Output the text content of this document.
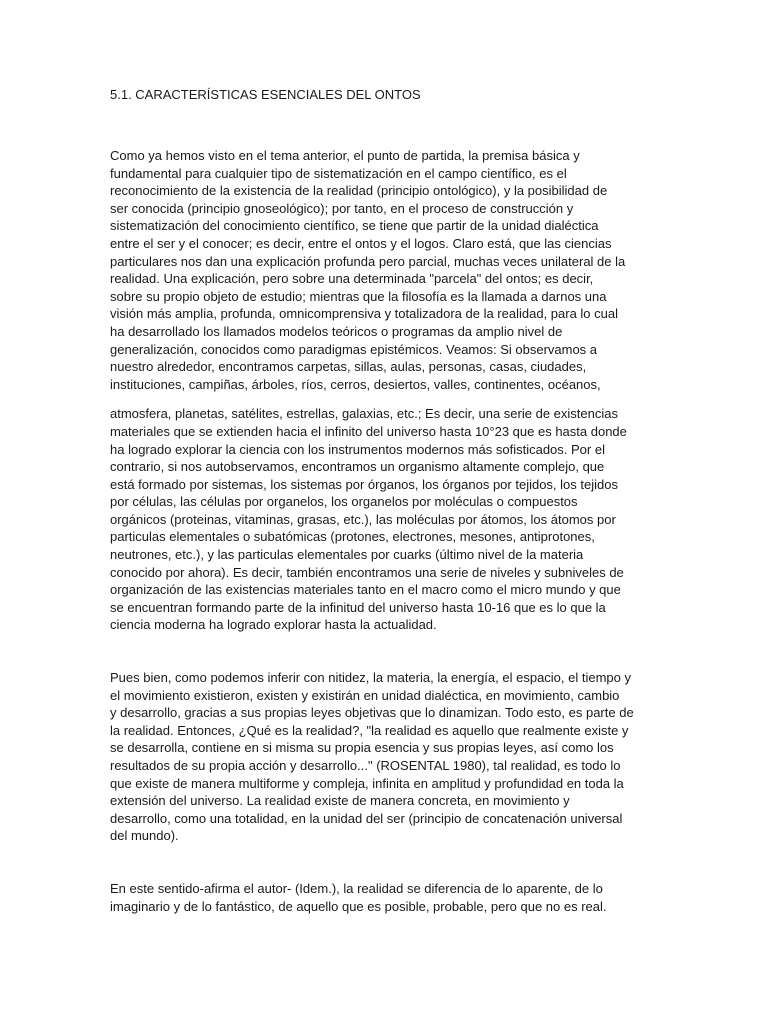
5.1. CARACTERÍSTICAS ESENCIALES DEL ONTOS

Como ya hemos visto en el tema anterior, el punto de partida, la premisa básica y
fundamental para cualquier tipo de sistematización en el campo científico, es el
reconocimiento de la existencia de la realidad (principio ontológico), y la posibilidad de
ser conocida (principio gnoseológico); por tanto, en el proceso de construcción y
sistematización del conocimiento científico, se tiene que partir de la unidad dialéctica
entre el ser y el conocer; es decir, entre el ontos y el logos. Claro está, que las ciencias
particulares nos dan una explicación profunda pero parcial, muchas veces unilateral de la
realidad. Una explicación, pero sobre una determinada "parcela" del ontos; es decir,
sobre su propio objeto de estudio; mientras que la filosofía es la llamada a darnos una
visión más amplia, profunda, omnicomprensiva y totalizadora de la realidad, para lo cual
ha desarrollado los llamados modelos teóricos o programas da amplio nivel de
generalización, conocidos como paradigmas epistémicos. Veamos: Si observamos a
nuestro alrededor, encontramos carpetas, sillas, aulas, personas, casas, ciudades,
instituciones, campiñas, árboles, ríos, cerros, desiertos, valles, continentes, océanos,

atmosfera, planetas, satélites, estrellas, galaxias, etc.; Es decir, una serie de existencias
materiales que se extienden hacia el infinito del universo hasta 10°23 que es hasta donde
ha logrado explorar la ciencia con los instrumentos modernos más sofisticados. Por el
contrario, si nos autobservamos, encontramos un organismo altamente complejo, que
está formado por sistemas, los sistemas por órganos, los órganos por tejidos, los tejidos
por células, las células por organelos, los organelos por moléculas o compuestos
orgánicos (proteinas, vitaminas, grasas, etc.), las moléculas por átomos, los átomos por
particulas elementales o subatómicas (protones, electrones, mesones, antiprotones,
neutrones, etc.), y las particulas elementales por cuarks (último nivel de la materia
conocido por ahora). Es decir, también encontramos una serie de niveles y subniveles de
organización de las existencias materiales tanto en el macro como el micro mundo y que
se encuentran formando parte de la infinitud del universo hasta 10-16 que es lo que la
ciencia moderna ha logrado explorar hasta la actualidad.

Pues bien, como podemos inferir con nitidez, la materia, la energía, el espacio, el tiempo y
el movimiento existieron, existen y existirán en unidad dialéctica, en movimiento, cambio
y desarrollo, gracias a sus propias leyes objetivas que lo dinamizan. Todo esto, es parte de
la realidad. Entonces, ¿Qué es la realidad?, "la realidad es aquello que realmente existe y
se desarrolla, contiene en si misma su propia esencia y sus propias leyes, así como los
resultados de su propia acción y desarrollo..." (ROSENTAL 1980), tal realidad, es todo lo
que existe de manera multiforme y compleja, infinita en amplitud y profundidad en toda la
extensión del universo. La realidad existe de manera concreta, en movimiento y
desarrollo, como una totalidad, en la unidad del ser (principio de concatenación universal
del mundo).

En este sentido-afirma el autor- (Idem.), la realidad se diferencia de lo aparente, de lo
imaginario y de lo fantástico, de aquello que es posible, probable, pero que no es real.
